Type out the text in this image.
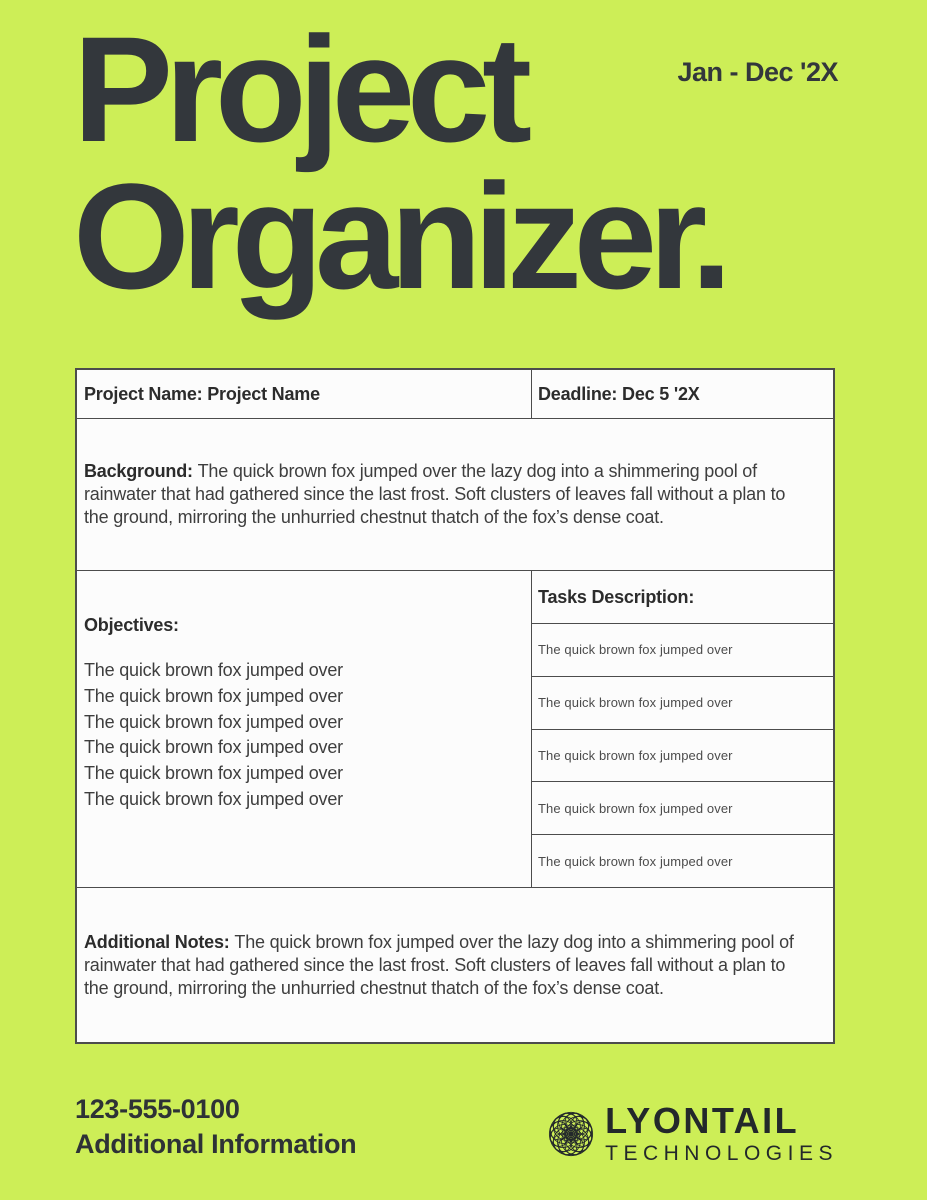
Jan - Dec '2X
Project
Organizer.
Project Name: Project Name	Deadline: Dec 5 '2X

Background: The quick brown fox jumped over the lazy dog into a shimmering pool of rainwater that had gathered since the last frost. Soft clusters of leaves fall without a plan to the ground, mirroring the unhurried chestnut thatch of the fox’s dense coat.

Objectives:
The quick brown fox jumped over
The quick brown fox jumped over
The quick brown fox jumped over
The quick brown fox jumped over
The quick brown fox jumped over
The quick brown fox jumped over
Tasks Description:
The quick brown fox jumped over
The quick brown fox jumped over
The quick brown fox jumped over
The quick brown fox jumped over
The quick brown fox jumped over

Additional Notes: The quick brown fox jumped over the lazy dog into a shimmering pool of rainwater that had gathered since the last frost. Soft clusters of leaves fall without a plan to the ground, mirroring the unhurried chestnut thatch of the fox’s dense coat.

123-555-0100
Additional Information
LYONTAIL
TECHNOLOGIES
